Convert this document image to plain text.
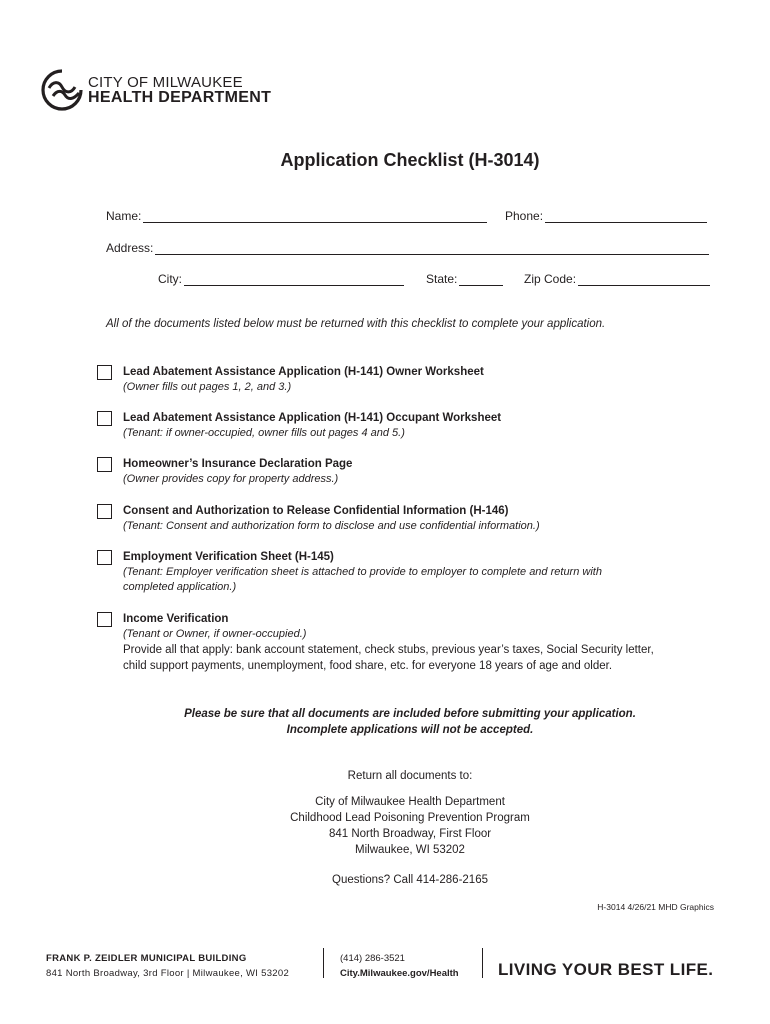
CITY OF MILWAUKEE
HEALTH DEPARTMENT
Application Checklist (H-3014)
Name:	Phone:
Address:
City:	State:	Zip Code:
All of the documents listed below must be returned with this checklist to complete your application.
Lead Abatement Assistance Application (H-141) Owner Worksheet
(Owner fills out pages 1, 2, and 3.)
Lead Abatement Assistance Application (H-141) Occupant Worksheet
(Tenant: if owner-occupied, owner fills out pages 4 and 5.)
Homeowner’s Insurance Declaration Page
(Owner provides copy for property address.)
Consent and Authorization to Release Confidential Information (H-146)
(Tenant: Consent and authorization form to disclose and use confidential information.)
Employment Verification Sheet (H-145)
(Tenant: Employer verification sheet is attached to provide to employer to complete and return with completed application.)
Income Verification
(Tenant or Owner, if owner-occupied.)
Provide all that apply: bank account statement, check stubs, previous year’s taxes, Social Security letter, child support payments, unemployment, food share, etc. for everyone 18 years of age and older.
Please be sure that all documents are included before submitting your application.
Incomplete applications will not be accepted.
Return all documents to:
City of Milwaukee Health Department
Childhood Lead Poisoning Prevention Program
841 North Broadway, First Floor
Milwaukee, WI 53202
Questions? Call 414-286-2165
H-3014 4/26/21 MHD Graphics
FRANK P. ZEIDLER MUNICIPAL BUILDING
841 North Broadway, 3rd Floor | Milwaukee, WI 53202
(414) 286-3521
City.Milwaukee.gov/Health LIVING YOUR BEST LIFE.
